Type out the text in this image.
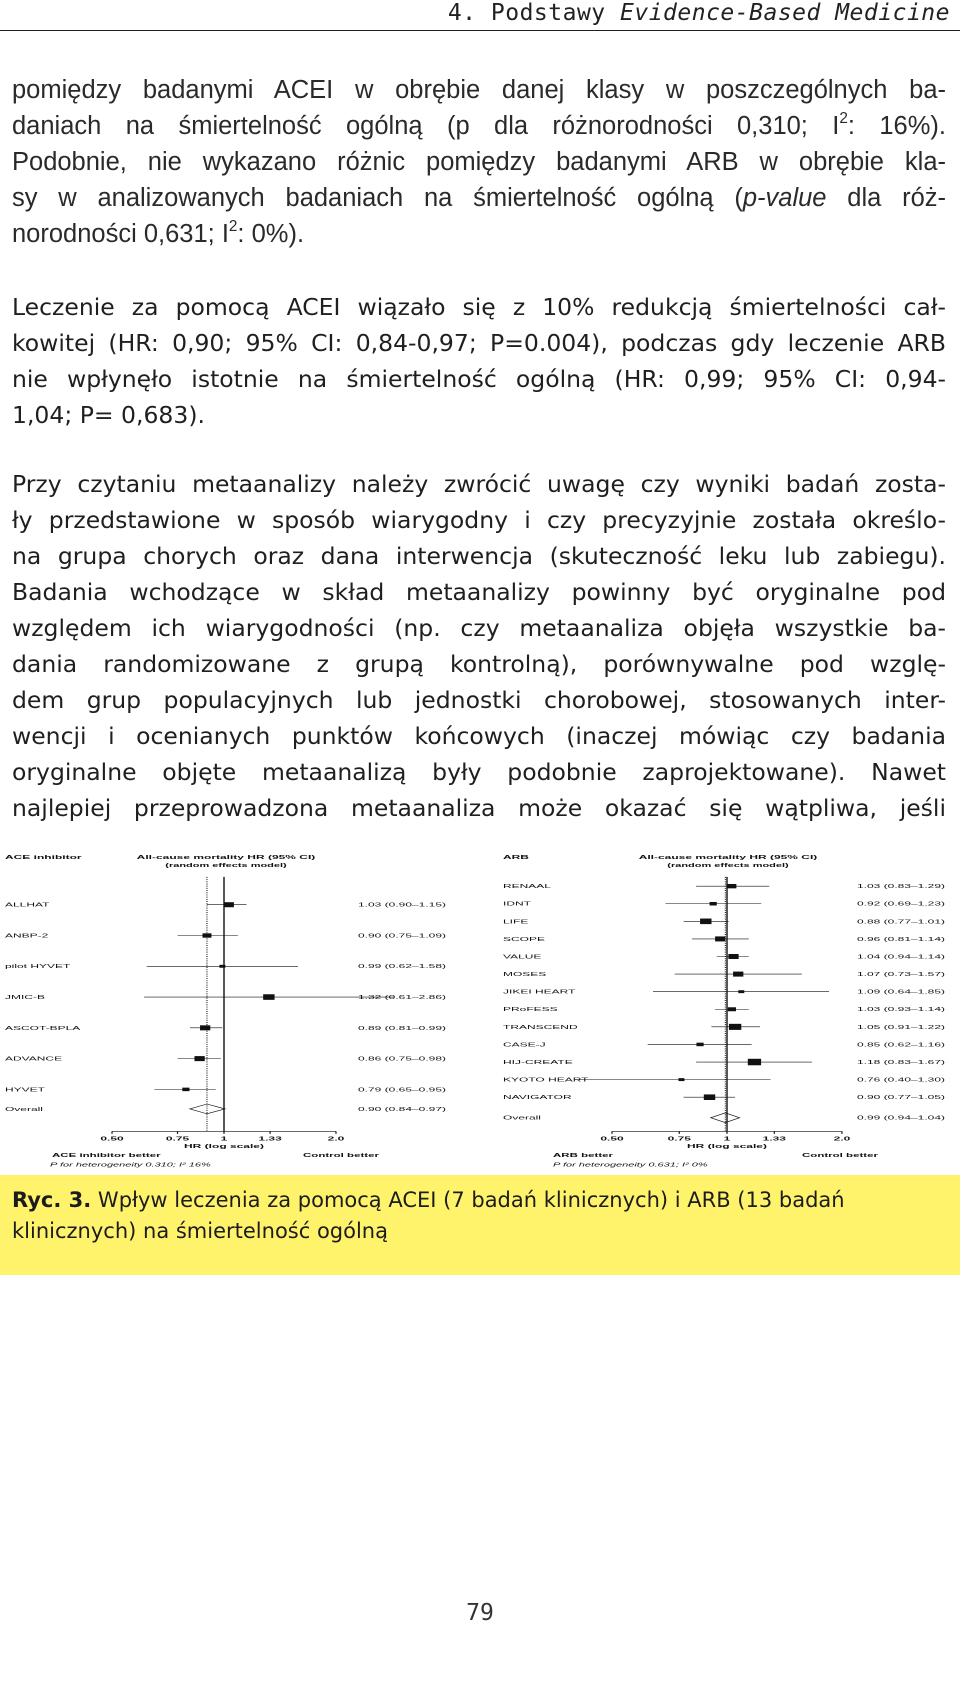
4. Podstawy Evidence-Based Medicine
pomiędzy badanymi ACEI w obrębie danej klasy w poszczególnych ba-
daniach na śmiertelność ogólną (p dla różnorodności 0,310; $I^2$: 16%).
Podobnie, nie wykazano różnic pomiędzy badanymi ARB w obrębie kla-
sy w analizowanych badaniach na śmiertelność ogólną (p-value dla róż-
norodności 0,631; $I^2$: 0%).
Leczenie za pomocą ACEI wiązało się z 10% redukcją śmiertelności cał-
kowitej (HR: 0,90; 95% CI: 0,84-0,97; P=0.004), podczas gdy leczenie ARB
nie wpłynęło istotnie na śmiertelność ogólną (HR: 0,99; 95% CI: 0,94-
1,04; P= 0,683).
Przy czytaniu metaanalizy należy zwrócić uwagę czy wyniki badań zosta-
ły przedstawione w sposób wiarygodny i czy precyzyjnie została określo-
na grupa chorych oraz dana interwencja (skuteczność leku lub zabiegu).
Badania wchodzące w skład metaanalizy powinny być oryginalne pod
względem ich wiarygodności (np. czy metaanaliza objęła wszystkie ba-
dania randomizowane z grupą kontrolną), porównywalne pod wzglę-
dem grup populacyjnych lub jednostki chorobowej, stosowanych inter-
wencji i ocenianych punktów końcowych (inaczej mówiąc czy badania
oryginalne objęte metaanalizą były podobnie zaprojektowane). Nawet
najlepiej przeprowadzona metaanaliza może okazać się wątpliwa, jeśli
ACE inhibitor	All-cause mortality HR (95% CI)
(random effects model)
ALLHAT	1.03 (0.90–1.15)
ANBP-2	0.90 (0.75–1.09)
pilot HYVET	0.99 (0.62–1.58)
JMIC-B	1.32 (0.61–2.86)
ASCOT-BPLA	0.89 (0.81–0.99)
ADVANCE	0.86 (0.75–0.98)
HYVET	0.79 (0.65–0.95)
Overall	0.90 (0.84–0.97)
0.50	0.75	1	1.33	2.0
HR (log scale)
ACE inhibitor better	Control better
P for heterogeneity 0.310; I² 16%
ARB	All-cause mortality HR (95% CI)
(random effects model)
RENAAL	1.03 (0.83–1.29)
IDNT	0.92 (0.69–1.23)
LIFE	0.88 (0.77–1.01)
SCOPE	0.96 (0.81–1.14)
VALUE	1.04 (0.94–1.14)
MOSES	1.07 (0.73–1.57)
JIKEI HEART	1.09 (0.64–1.85)
PRoFESS	1.03 (0.93–1.14)
TRANSCEND	1.05 (0.91–1.22)
CASE-J	0.85 (0.62–1.16)
HIJ-CREATE	1.18 (0.83–1.67)
KYOTO HEART	0.76 (0.40–1.30)
NAVIGATOR	0.90 (0.77–1.05)
Overall	0.99 (0.94–1.04)
0.50	0.75	1	1.33	2.0
HR (log scale)
ARB better	Control better
P for heterogeneity 0.631; I² 0%
Ryc. 3. Wpływ leczenia za pomocą ACEI (7 badań klinicznych) i ARB (13 badań klinicznych) na śmiertelność ogólną
79
